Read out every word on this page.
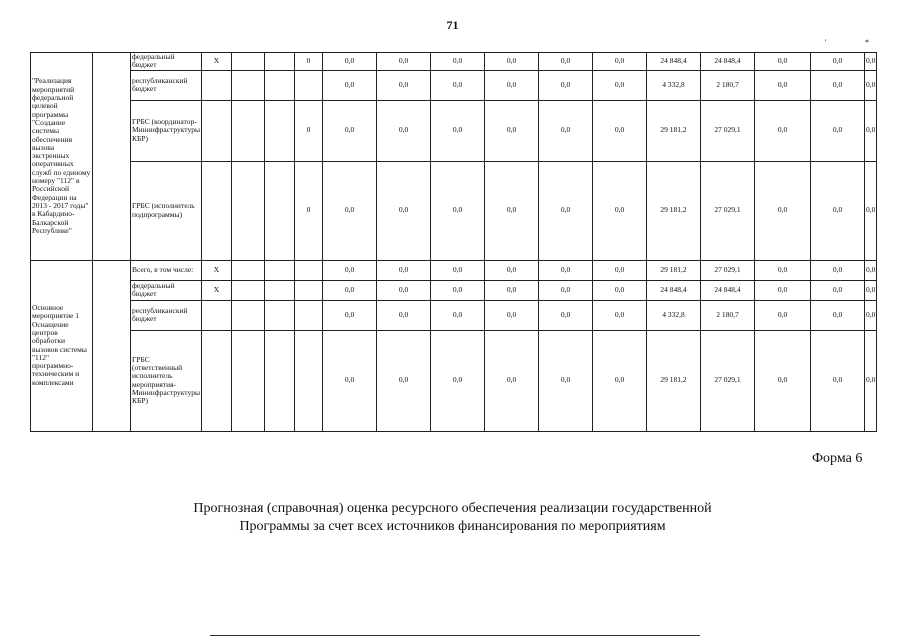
71
'	*
"Реализация мероприятий федеральной целевой программы "Создание системы обеспечения вызова экстренных оперативных служб по единому номеру "112" в Российской Федерации на 2013 - 2017 годы" в Кабардино-Балкарской Республике"		федеральный бюджет	X			0	0,0	0,0	0,0	0,0	0,0	0,0	24 848,4	24 848,4	0,0	0,0	0,0
		республиканский бюджет					0,0	0,0	0,0	0,0	0,0	0,0	4 332,8	2 180,7	0,0	0,0	0,0
		ГРБС (координатор-Мининфраструктуры КБР)				0	0,0	0,0	0,0	0,0	0,0	0,0	29 181,2	27 029,1	0,0	0,0	0,0
		ГРБС (исполнитель подпрограммы)				0	0,0	0,0	0,0	0,0	0,0	0,0	29 181,2	27 029,1	0,0	0,0	0,0
Основное мероприятие 1 Оснащение центров обработки вызовов системы "112" программно-техническим и комплексами		Всего, в том числе:	X				0,0	0,0	0,0	0,0	0,0	0,0	29 181,2	27 029,1	0,0	0,0	0,0
		федеральный бюджет	X				0,0	0,0	0,0	0,0	0,0	0,0	24 848,4	24 848,4	0,0	0,0	0,0
		республиканский бюджет					0,0	0,0	0,0	0,0	0,0	0,0	4 332,8	2 180,7	0,0	0,0	0,0
		ГРБС (ответственный исполнитель мероприятия-Мининфраструктуры КБР)					0,0	0,0	0,0	0,0	0,0	0,0	29 181,2	27 029,1	0,0	0,0	0,0
Форма 6
Прогнозная (справочная) оценка ресурсного обеспечения реализации государственной
Программы за счет всех источников финансирования по мероприятиям
